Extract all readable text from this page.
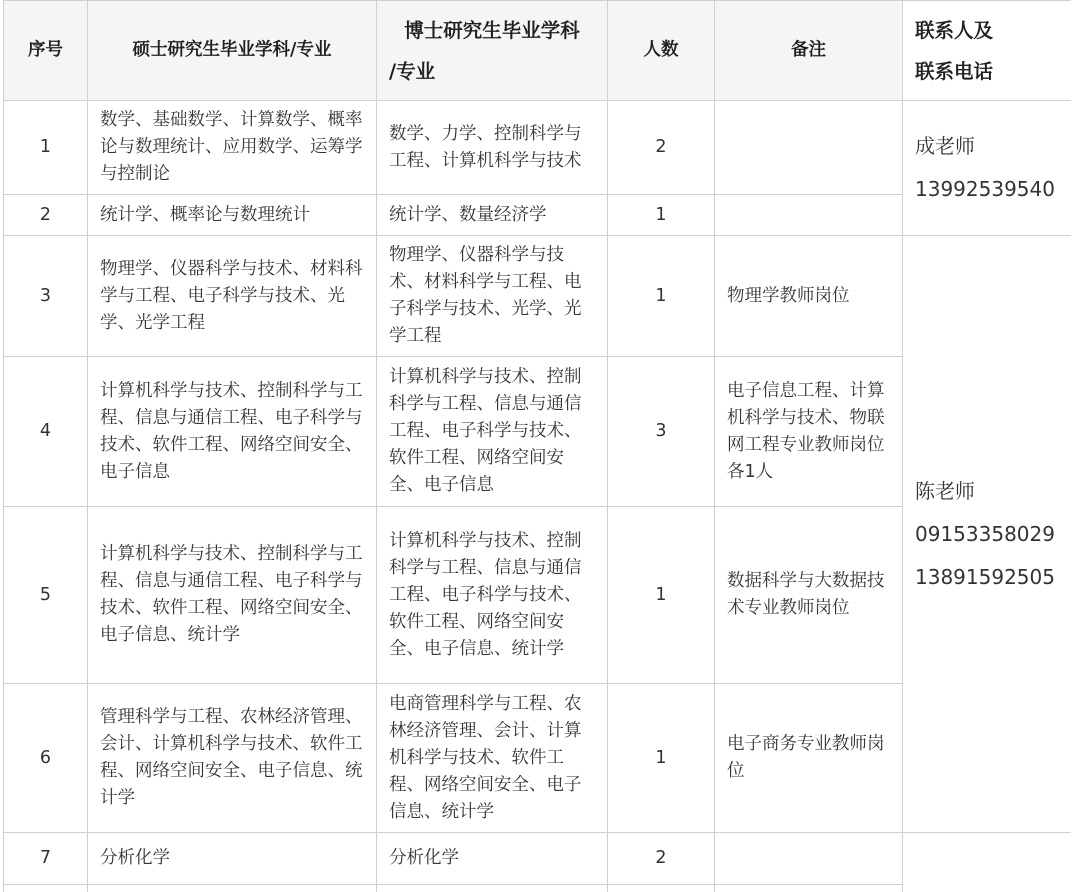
序号	硕士研究生毕业学科/专业	博士研究生毕业学科
/专业	人数	备注	联系人及
联系电话

1	数学、基础数学、计算数学、概率论与数理统计、应用数学、运筹学与控制论	数学、力学、控制科学与工程、计算机科学与技术	2		成老师
13992539540

2	统计学、概率论与数理统计	统计学、数量经济学	1		
3	物理学、仪器科学与技术、材料科学与工程、电子科学与技术、光学、光学工程	物理学、仪器科学与技术、材料科学与工程、电子科学与技术、光学、光学工程	1	物理学教师岗位	陈老师
09153358029
13891592505

4	计算机科学与技术、控制科学与工程、信息与通信工程、电子科学与技术、软件工程、网络空间安全、电子信息	计算机科学与技术、控制科学与工程、信息与通信工程、电子科学与技术、软件工程、网络空间安全、电子信息	3	电子信息工程、计算机科学与技术、物联网工程专业教师岗位各1人	
5	计算机科学与技术、控制科学与工程、信息与通信工程、电子科学与技术、软件工程、网络空间安全、电子信息、统计学	计算机科学与技术、控制科学与工程、信息与通信工程、电子科学与技术、软件工程、网络空间安全、电子信息、统计学	1	数据科学与大数据技术专业教师岗位	
6	管理科学与工程、农林经济管理、会计、计算机科学与技术、软件工程、网络空间安全、电子信息、统计学	电商管理科学与工程、农林经济管理、会计、计算机科学与技术、软件工程、网络空间安全、电子信息、统计学	1	电子商务专业教师岗位	
7	分析化学	分析化学	2		
